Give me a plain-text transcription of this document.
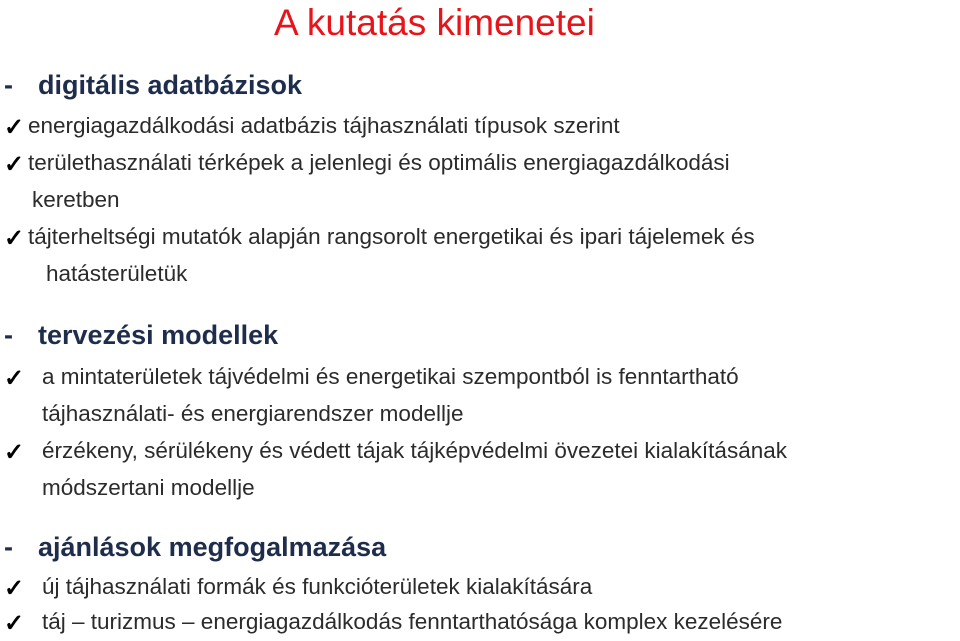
A kutatás kimenetei
- digitális adatbázisok
✓ energiagazdálkodási adatbázis tájhasználati típusok szerint
✓ területhasználati térképek a jelenlegi és optimális energiagazdálkodási
keretben
✓ tájterheltségi mutatók alapján rangsorolt energetikai és ipari tájelemek és
hatásterületük
- tervezési modellek
✓ a mintaterületek tájvédelmi és energetikai szempontból is fenntartható
tájhasználati- és energiarendszer modellje
✓ érzékeny, sérülékeny és védett tájak tájképvédelmi övezetei kialakításának
módszertani modellje
- ajánlások megfogalmazása
✓ új tájhasználati formák és funkcióterületek kialakítására
✓ táj – turizmus – energiagazdálkodás fenntarthatósága komplex kezelésére
